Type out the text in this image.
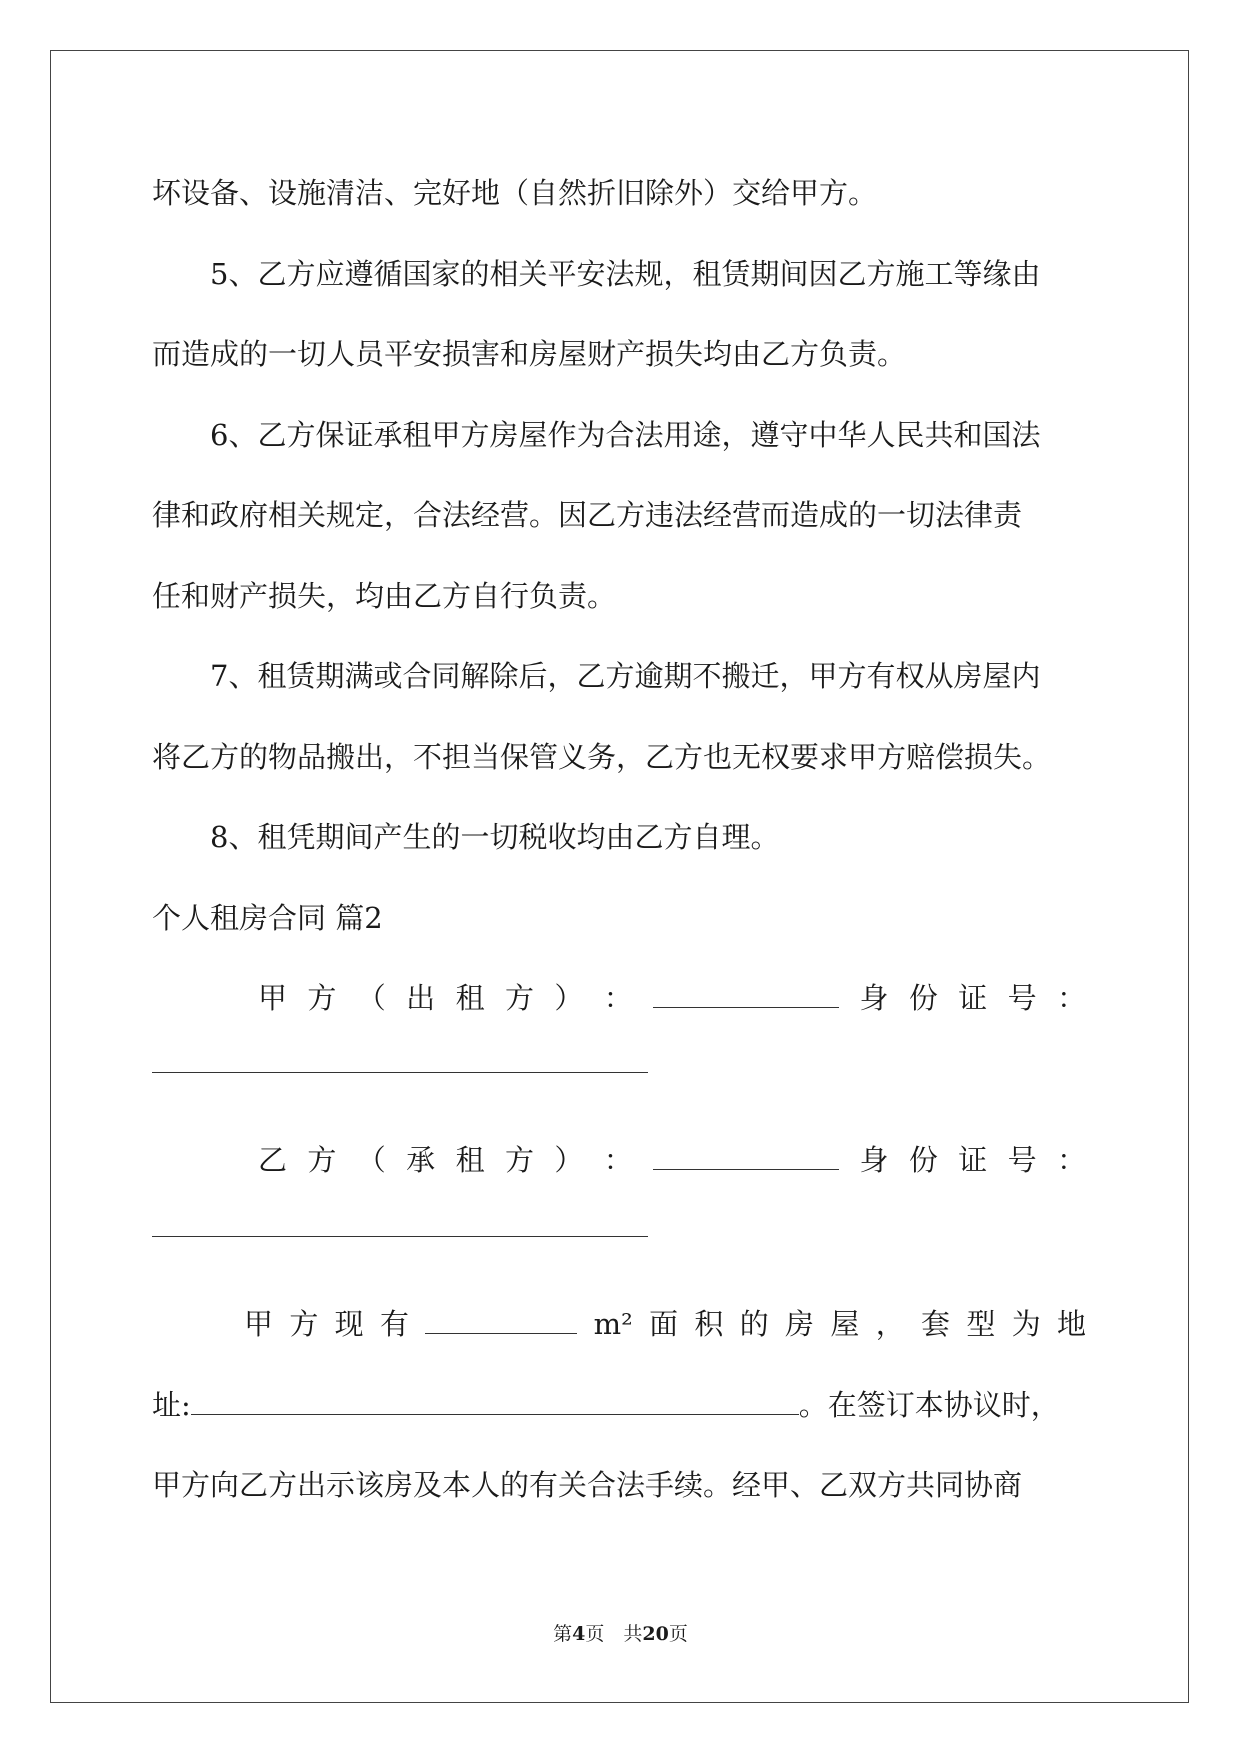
坏设备、设施清洁、完好地（自然折旧除外）交给甲方。
5、乙方应遵循国家的相关平安法规，租赁期间因乙方施工等缘由
而造成的一切人员平安损害和房屋财产损失均由乙方负责。
6、乙方保证承租甲方房屋作为合法用途，遵守中华人民共和国法
律和政府相关规定，合法经营。因乙方违法经营而造成的一切法律责
任和财产损失，均由乙方自行负责。
7、租赁期满或合同解除后，乙方逾期不搬迁，甲方有权从房屋内
将乙方的物品搬出，不担当保管义务，乙方也无权要求甲方赔偿损失。
8、租凭期间产生的一切税收均由乙方自理。
个人租房合同 篇2
甲 方 （ 出 租 方 ） ：	身 份 证 号 ：
乙 方 （ 承 租 方 ） ：	身 份 证 号 ：
甲 方 现 有	m² 面 积 的 房 屋 ， 套 型 为 地
址:	。在签订本协议时，
甲方向乙方出示该房及本人的有关合法手续。经甲、乙双方共同协商
第4页　共20页
